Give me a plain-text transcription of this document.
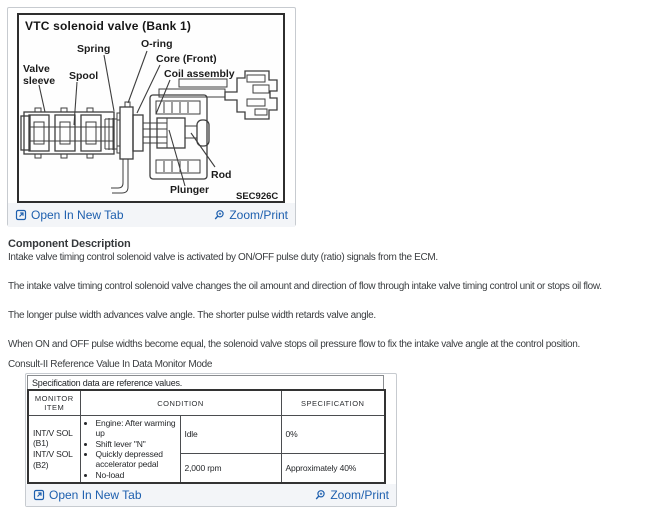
VTC solenoid valve (Bank 1)
Valve
sleeve Spool
Spring	O-ring
Core (Front)
Coil assembly
Rod
Plunger
SEC926C
Open In New Tab	Zoom/Print
Component Description

Intake valve timing control solenoid valve is activated by ON/OFF pulse duty (ratio) signals from the ECM.

The intake valve timing control solenoid valve changes the oil amount and direction of flow through intake valve timing control unit or stops oil flow.

The longer pulse width advances valve angle. The shorter pulse width retards valve angle.

When ON and OFF pulse widths become equal, the solenoid valve stops oil pressure flow to fix the intake valve angle at the control position.

Consult-II Reference Value In Data Monitor Mode
Specification data are reference values.
MONITOR ITEM	CONDITION		SPECIFICATION

INT/V SOL (B1)
INT/V SOL (B2)

• Engine: After warming up
• Shift lever "N"
• Quickly depressed accelerator pedal
• No-load
	Idle	0%
		2,000 rpm	Approximately 40%
Open In New Tab	Zoom/Print
